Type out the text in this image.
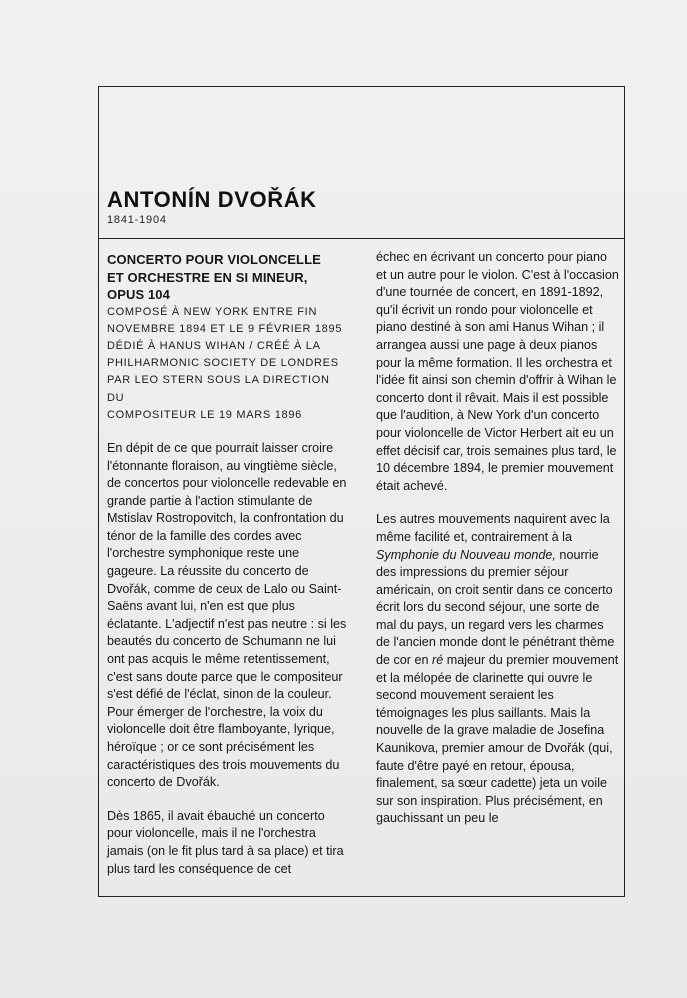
ANTONÍN DVOŘÁK
1841-1904
CONCERTO POUR VIOLONCELLE
ET ORCHESTRE EN SI MINEUR,
OPUS 104
COMPOSÉ À NEW YORK ENTRE FIN
NOVEMBRE 1894 ET LE 9 FÉVRIER 1895
DÉDIÉ À HANUS WIHAN / CRÉÉ À LA
PHILHARMONIC SOCIETY DE LONDRES
PAR LEO STERN SOUS LA DIRECTION DU
COMPOSITEUR LE 19 MARS 1896

En dépit de ce que pourrait laisser croire l'étonnante floraison, au vingtième siècle, de concertos pour violoncelle redevable en grande partie à l'action stimulante de Mstislav Rostropovitch, la confrontation du ténor de la famille des cordes avec l'orchestre symphonique reste une gageure. La réussite du concerto de Dvořák, comme de ceux de Lalo ou Saint-Saëns avant lui, n'en est que plus éclatante. L'adjectif n'est pas neutre : si les beautés du concerto de Schumann ne lui ont pas acquis le même retentissement, c'est sans doute parce que le compositeur s'est défié de l'éclat, sinon de la couleur. Pour émerger de l'orchestre, la voix du violoncelle doit être flamboyante, lyrique, héroïque ; or ce sont précisément les caractéristiques des trois mouvements du concerto de Dvořák.

Dès 1865, il avait ébauché un concerto pour violoncelle, mais il ne l'orchestra jamais (on le fit plus tard à sa place) et tira plus tard les conséquence de cet

échec en écrivant un concerto pour piano et un autre pour le violon. C'est à l'occasion d'une tournée de concert, en 1891-1892, qu'il écrivit un rondo pour violoncelle et piano destiné à son ami Hanus Wihan ; il arrangea aussi une page à deux pianos pour la même formation. Il les orchestra et l'idée fit ainsi son chemin d'offrir à Wihan le concerto dont il rêvait. Mais il est possible que l'audition, à New York d'un concerto pour violoncelle de Victor Herbert ait eu un effet décisif car, trois semaines plus tard, le 10 décembre 1894, le premier mouvement était achevé.

Les autres mouvements naquirent avec la même facilité et, contrairement à la Symphonie du Nouveau monde, nourrie des impressions du premier séjour américain, on croit sentir dans ce concerto écrit lors du second séjour, une sorte de mal du pays, un regard vers les charmes de l'ancien monde dont le pénétrant thème de cor en ré majeur du premier mouvement et la mélopée de clarinette qui ouvre le second mouvement seraient les témoignages les plus saillants. Mais la nouvelle de la grave maladie de Josefina Kaunikova, premier amour de Dvořák (qui, faute d'être payé en retour, épousa, finalement, sa sœur cadette) jeta un voile sur son inspiration. Plus précisément, en gauchissant un peu le
